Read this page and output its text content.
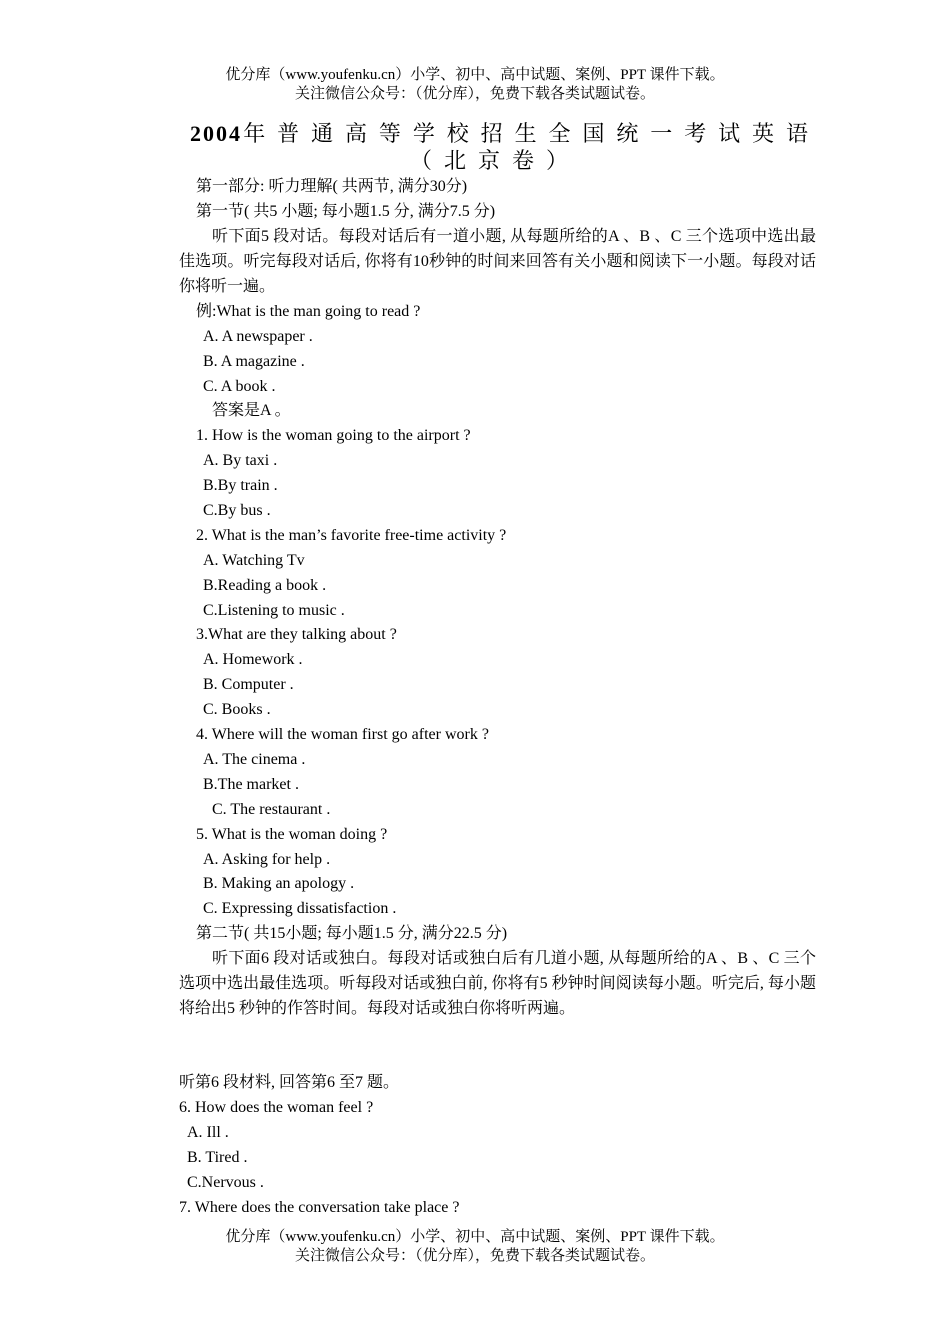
优分库（www.youfenku.cn）小学、初中、高中试题、案例、PPT 课件下载。
关注微信公众号：（优分库），免费下载各类试题试卷。
2004年 普 通 高 等 学 校 招 生 全 国 统 一 考 试 英 语
（北京卷）
第一部分: 听力理解( 共两节, 满分30分)
第一节( 共5 小题; 每小题1.5 分, 满分7.5 分)
听下面5 段对话。每段对话后有一道小题, 从每题所给的A 、B 、C 三个选项中选出最佳选项。听完每段对话后, 你将有10秒钟的时间来回答有关小题和阅读下一小题。每段对话你将听一遍。
例:What is the man going to read ?
A. A newspaper .
B. A magazine .
C. A book .
答案是A 。
1. How is the woman going to the airport ?
A. By taxi .
B.By train .
C.By bus .
2. What is the man’s favorite free-time activity ?
A. Watching Tv
B.Reading a book .
C.Listening to music .
3.What are they talking about ?
A. Homework .
B. Computer .
C. Books .
4. Where will the woman first go after work ?
A. The cinema .
B.The market .
C. The restaurant .
5. What is the woman doing ?
A. Asking for help .
B. Making an apology .
C. Expressing dissatisfaction .
第二节( 共15小题; 每小题1.5 分, 满分22.5 分)
听下面6 段对话或独白。每段对话或独白后有几道小题, 从每题所给的A 、B 、C 三个选项中选出最佳选项。听每段对话或独白前, 你将有5 秒钟时间阅读每小题。听完后, 每小题将给出5 秒钟的作答时间。每段对话或独白你将听两遍。
听第6 段材料, 回答第6 至7 题。
6. How does the woman feel ?
A. Ill .
B. Tired .
C.Nervous .
7. Where does the conversation take place ?
优分库（www.youfenku.cn）小学、初中、高中试题、案例、PPT 课件下载。
关注微信公众号：（优分库），免费下载各类试题试卷。
